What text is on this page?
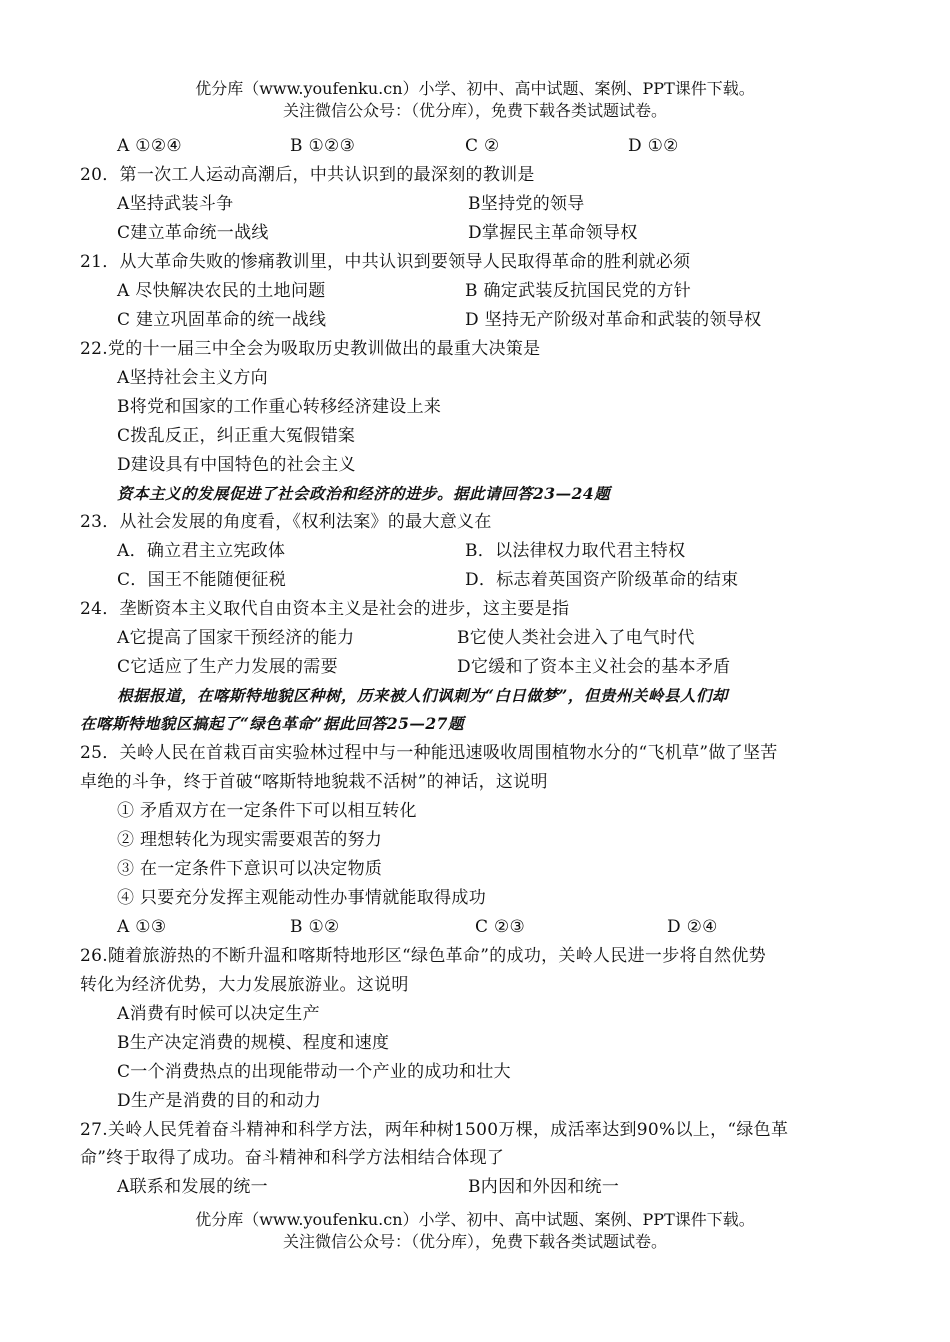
优分库（www.youfenku.cn）小学、初中、高中试题、案例、PPT课件下载。
关注微信公众号：（优分库），免费下载各类试题试卷。
A ①②④	B ①②③	C ②	D ①②
20．第一次工人运动高潮后，中共认识到的最深刻的教训是
A坚持武装斗争	B坚持党的领导
C建立革命统一战线	D掌握民主革命领导权
21．从大革命失败的惨痛教训里，中共认识到要领导人民取得革命的胜利就必须
A 尽快解决农民的土地问题	B 确定武装反抗国民党的方针
C 建立巩固革命的统一战线	D 坚持无产阶级对革命和武装的领导权
22.党的十一届三中全会为吸取历史教训做出的最重大决策是
A坚持社会主义方向
B将党和国家的工作重心转移经济建设上来
C拨乱反正，纠正重大冤假错案
D建设具有中国特色的社会主义
资本主义的发展促进了社会政治和经济的进步。据此请回答23—24题
23．从社会发展的角度看，《权利法案》的最大意义在
A．确立君主立宪政体	B．以法律权力取代君主特权
C．国王不能随便征税	D．标志着英国资产阶级革命的结束
24．垄断资本主义取代自由资本主义是社会的进步，这主要是指
A它提高了国家干预经济的能力	B它使人类社会进入了电气时代
C它适应了生产力发展的需要	D它缓和了资本主义社会的基本矛盾
根据报道，在喀斯特地貌区种树，历来被人们讽刺为“白日做梦”，但贵州关岭县人们却
在喀斯特地貌区搞起了“绿色革命”据此回答25—27题
25．关岭人民在首栽百亩实验林过程中与一种能迅速吸收周围植物水分的“飞机草”做了坚苦
卓绝的斗争，终于首破“喀斯特地貌栽不活树”的神话，这说明
① 矛盾双方在一定条件下可以相互转化
② 理想转化为现实需要艰苦的努力
③ 在一定条件下意识可以决定物质
④ 只要充分发挥主观能动性办事情就能取得成功
A ①③	B ①②	C ②③	D ②④
26.随着旅游热的不断升温和喀斯特地形区“绿色革命”的成功，关岭人民进一步将自然优势
转化为经济优势，大力发展旅游业。这说明
A消费有时候可以决定生产
B生产决定消费的规模、程度和速度
C一个消费热点的出现能带动一个产业的成功和壮大
D生产是消费的目的和动力
27.关岭人民凭着奋斗精神和科学方法，两年种树1500万棵，成活率达到90%以上，“绿色革
命”终于取得了成功。奋斗精神和科学方法相结合体现了
A联系和发展的统一	B内因和外因和统一
优分库（www.youfenku.cn）小学、初中、高中试题、案例、PPT课件下载。
关注微信公众号：（优分库），免费下载各类试题试卷。
